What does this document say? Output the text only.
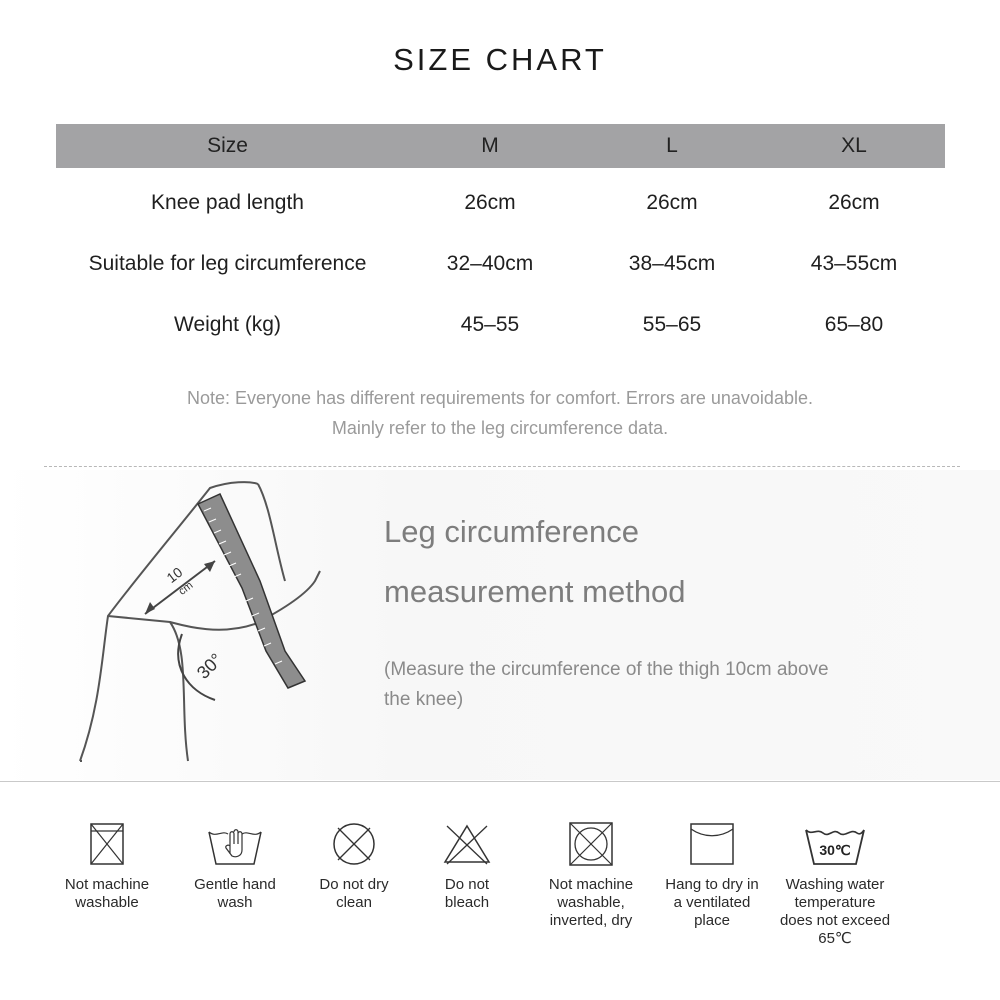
SIZE CHART
Size	M	L	XL
Knee pad length	26cm	26cm	26cm
Suitable for leg circumference	32–40cm	38–45cm	43–55cm
Weight (kg)	45–55	55–65	65–80
Note: Everyone has different requirements for comfort. Errors are unavoidable.
Mainly refer to the leg circumference data.
10
cm
30°
Leg circumference
measurement method
(Measure the circumference of the thigh 10cm above
the knee)
Not machine
washable
Gentle hand
wash
Do not dry
clean
Do not
bleach
Not machine
washable,
inverted, dry
Hang to dry in
a ventilated
place
30℃
Washing water
temperature
does not exceed
65℃
